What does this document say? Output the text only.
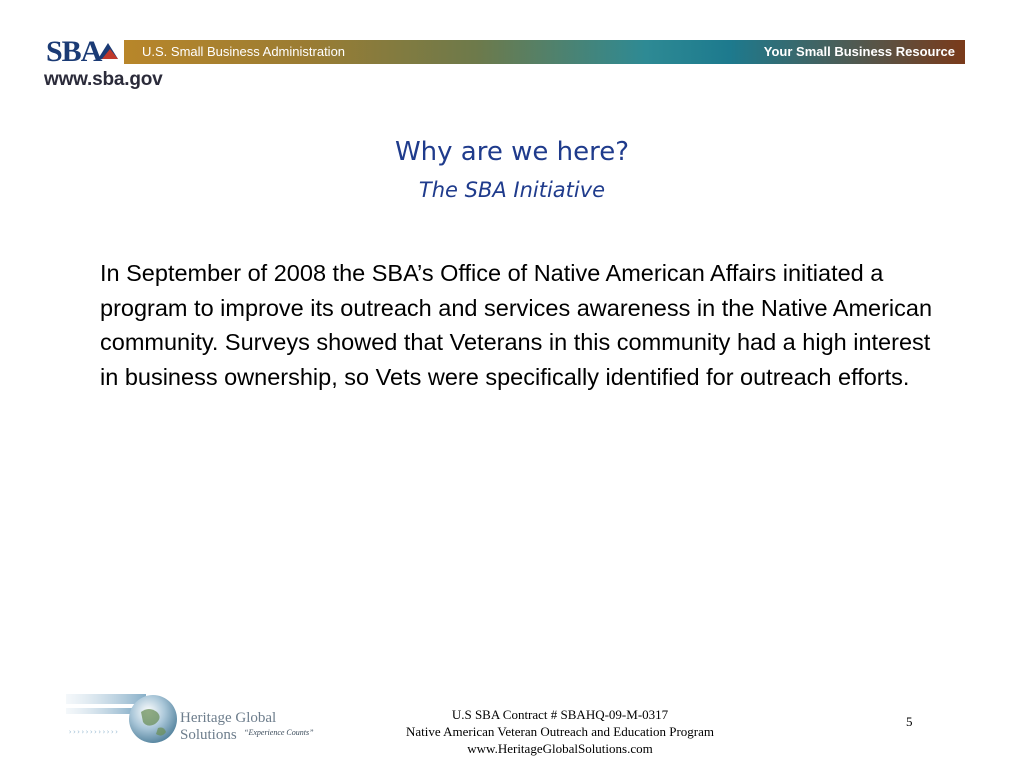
SBA	U.S. Small Business Administration	Your Small Business Resource
www.sba.gov
Why are we here?
The SBA Initiative
In September of 2008 the SBA’s Office of Native American Affairs initiated a program to improve its outreach and services awareness in the Native American community. Surveys showed that Veterans in this community had a high interest in business ownership, so Vets were specifically identified for outreach efforts.
››››››››››››
Heritage Global Solutions “Experience Counts”
U.S SBA Contract # SBAHQ-09-M-0317
Native American Veteran Outreach and Education Program
www.HeritageGlobalSolutions.com
5
